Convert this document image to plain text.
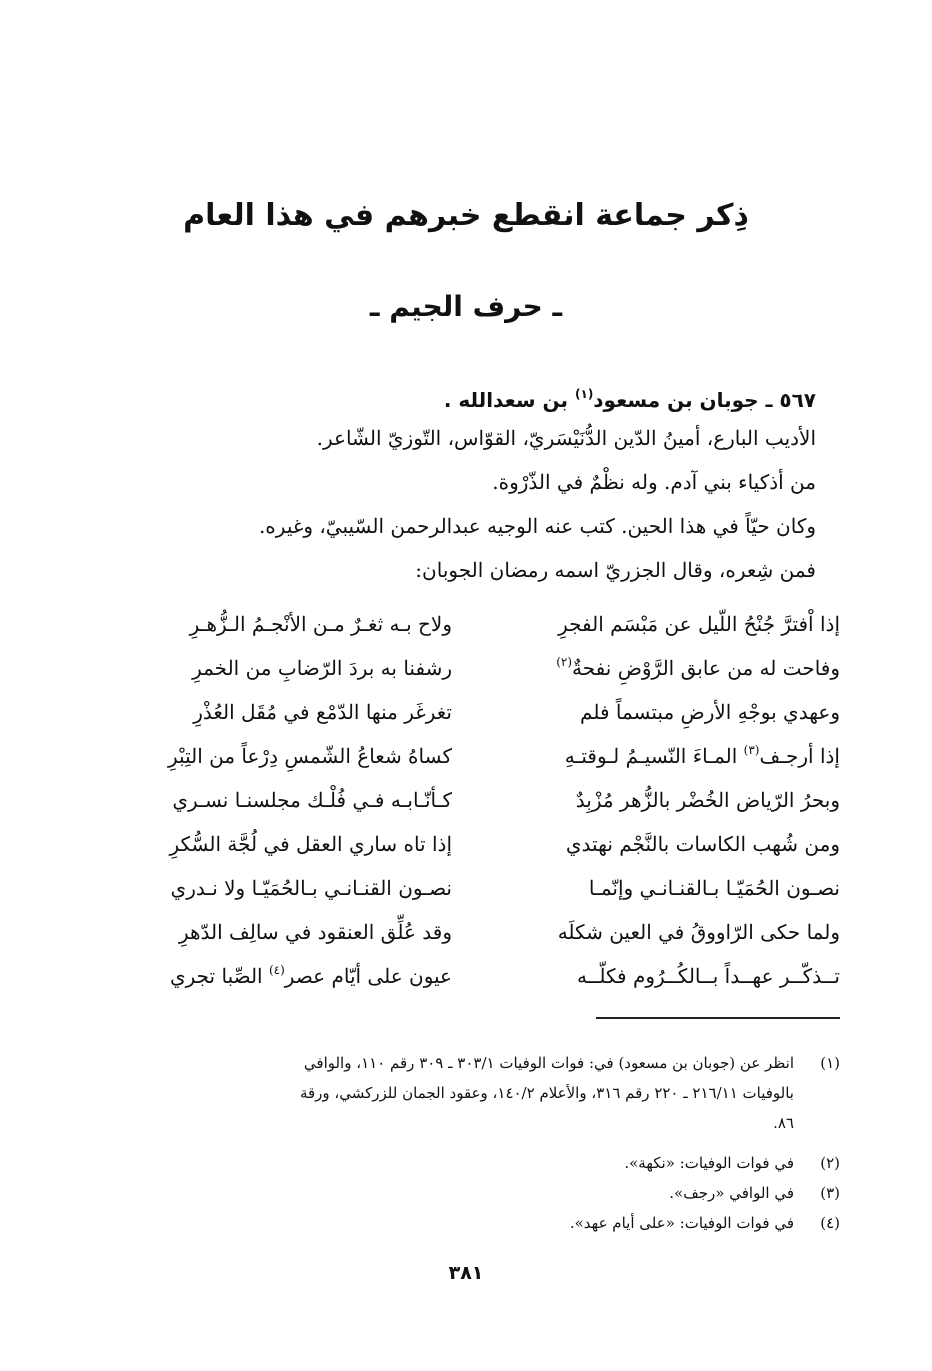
ذِكر جماعة انقطع خبرهم في هذا العام
ـ حرف الجيم ـ
٥٦٧ ـ جوبان بن مسعود$^{(١)}$ بن سعدالله .
الأديب البارع، أمينُ الدّين الدُّنَيْسَريّ، القوّاس، التّوزيّ الشّاعر.
من أذكياء بني آدم. وله نظْمٌ في الذّرْوة.
وكان حيّاً في هذا الحين. كتب عنه الوجيه عبدالرحمن السّيبيّ، وغيره.
فمن شِعره، وقال الجزريّ اسمه رمضان الجوبان:
إذا اْفترَّ جُنْحُ اللّيل عن مَبْسَم الفجرِ
وفاحت له من عابق الرَّوْضِ نفحةٌ$^{(٢)}$
وعهدي بوجْهِ الأرضِ مبتسماً فلم
إذا أرجـف$^{(٣)}$ المـاءَ النّسيـمُ لـوقتـهِ
وبحرُ الرّياض الخُضْر بالزُّهر مُزْبِدٌ
ومن شُهب الكاسات بالنَّجْم نهتدي
نصـون الحُمَيّـا بـالقنـانـي وإنّمـا
ولما حكى الرّاووقُ في العين شكلَه
تــذكّــر عهــداً بــالكُــرُوم فكلّــه
ولاح بـه ثغـرٌ مـن الأنْجـمُ الـزُّهـرِ
رشفنا به بردَ الرّضابِ من الخمرِ
تغرغَر منها الدّمْع في مُقَل العُذْرِ
كساهُ شعاعُ الشّمسِ دِرْعاً من التِبْرِ
كـأنّـابـه فـي فُلْـك مجلسنـا نسـري
إذا تاه ساري العقل في لُجَّة السُّكرِ
نصـون القنـانـي بـالحُمَيّـا ولا نـدري
وقد عُلِّق العنقود في سالِف الدّهرِ
عيون على أيّام عصر$^{(٤)}$ الصِّبا تجري
(١)انظر عن (جوبان بن مسعود) في: فوات الوفيات ٣٠٣/١ ـ ٣٠٩ رقم ١١٠، والوافي
بالوفيات ٢١٦/١١ ـ ٢٢٠ رقم ٣١٦، والأعلام ١٤٠/٢، وعقود الجمان للزركشي، ورقة
٨٦.
(٢)في فوات الوفيات: «نكهة».
(٣)في الوافي «رجف».
(٤)في فوات الوفيات: «على أيام عهد».
٣٨١
